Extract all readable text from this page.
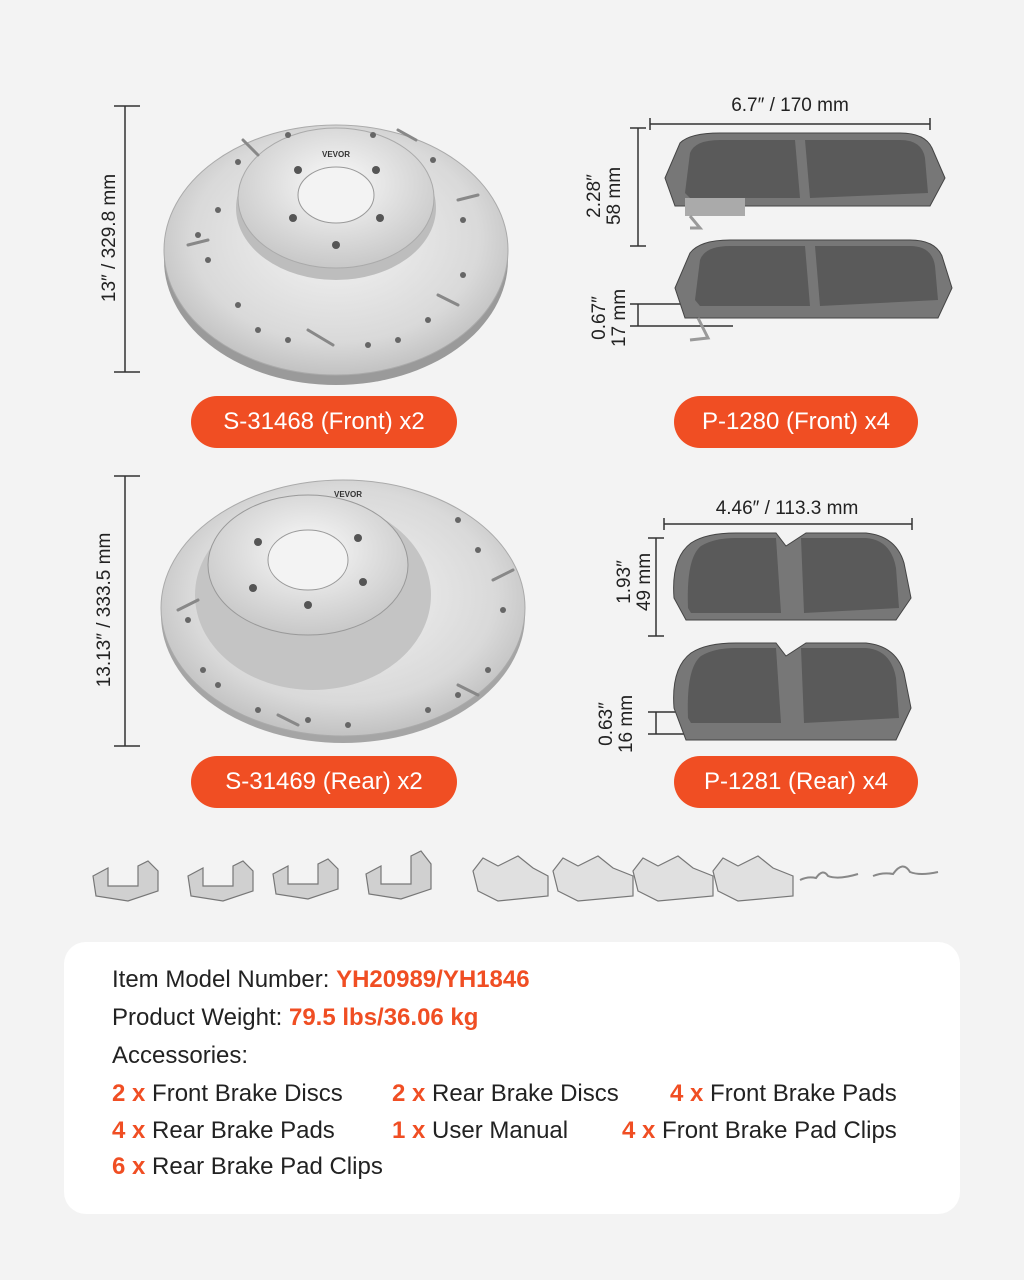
13″ / 329.8 mm
VEVOR
S-31468 (Front) x2
6.7″ / 170 mm
2.28″ 58 mm
0.67″ 17 mm
P-1280 (Front) x4
13.13″ / 333.5 mm
VEVOR
S-31469 (Rear) x2
4.46″ / 113.3 mm
1.93″ 49 mm
0.63″ 16 mm
P-1281 (Rear) x4
Item Model Number: YH20989/YH1846
Product Weight: 79.5 lbs/36.06 kg
Accessories:
2 x Front Brake Discs 2 x Rear Brake Discs 4 x Front Brake Pads
4 x Rear Brake Pads 1 x User Manual 4 x Front Brake Pad Clips
6 x Rear Brake Pad Clips
